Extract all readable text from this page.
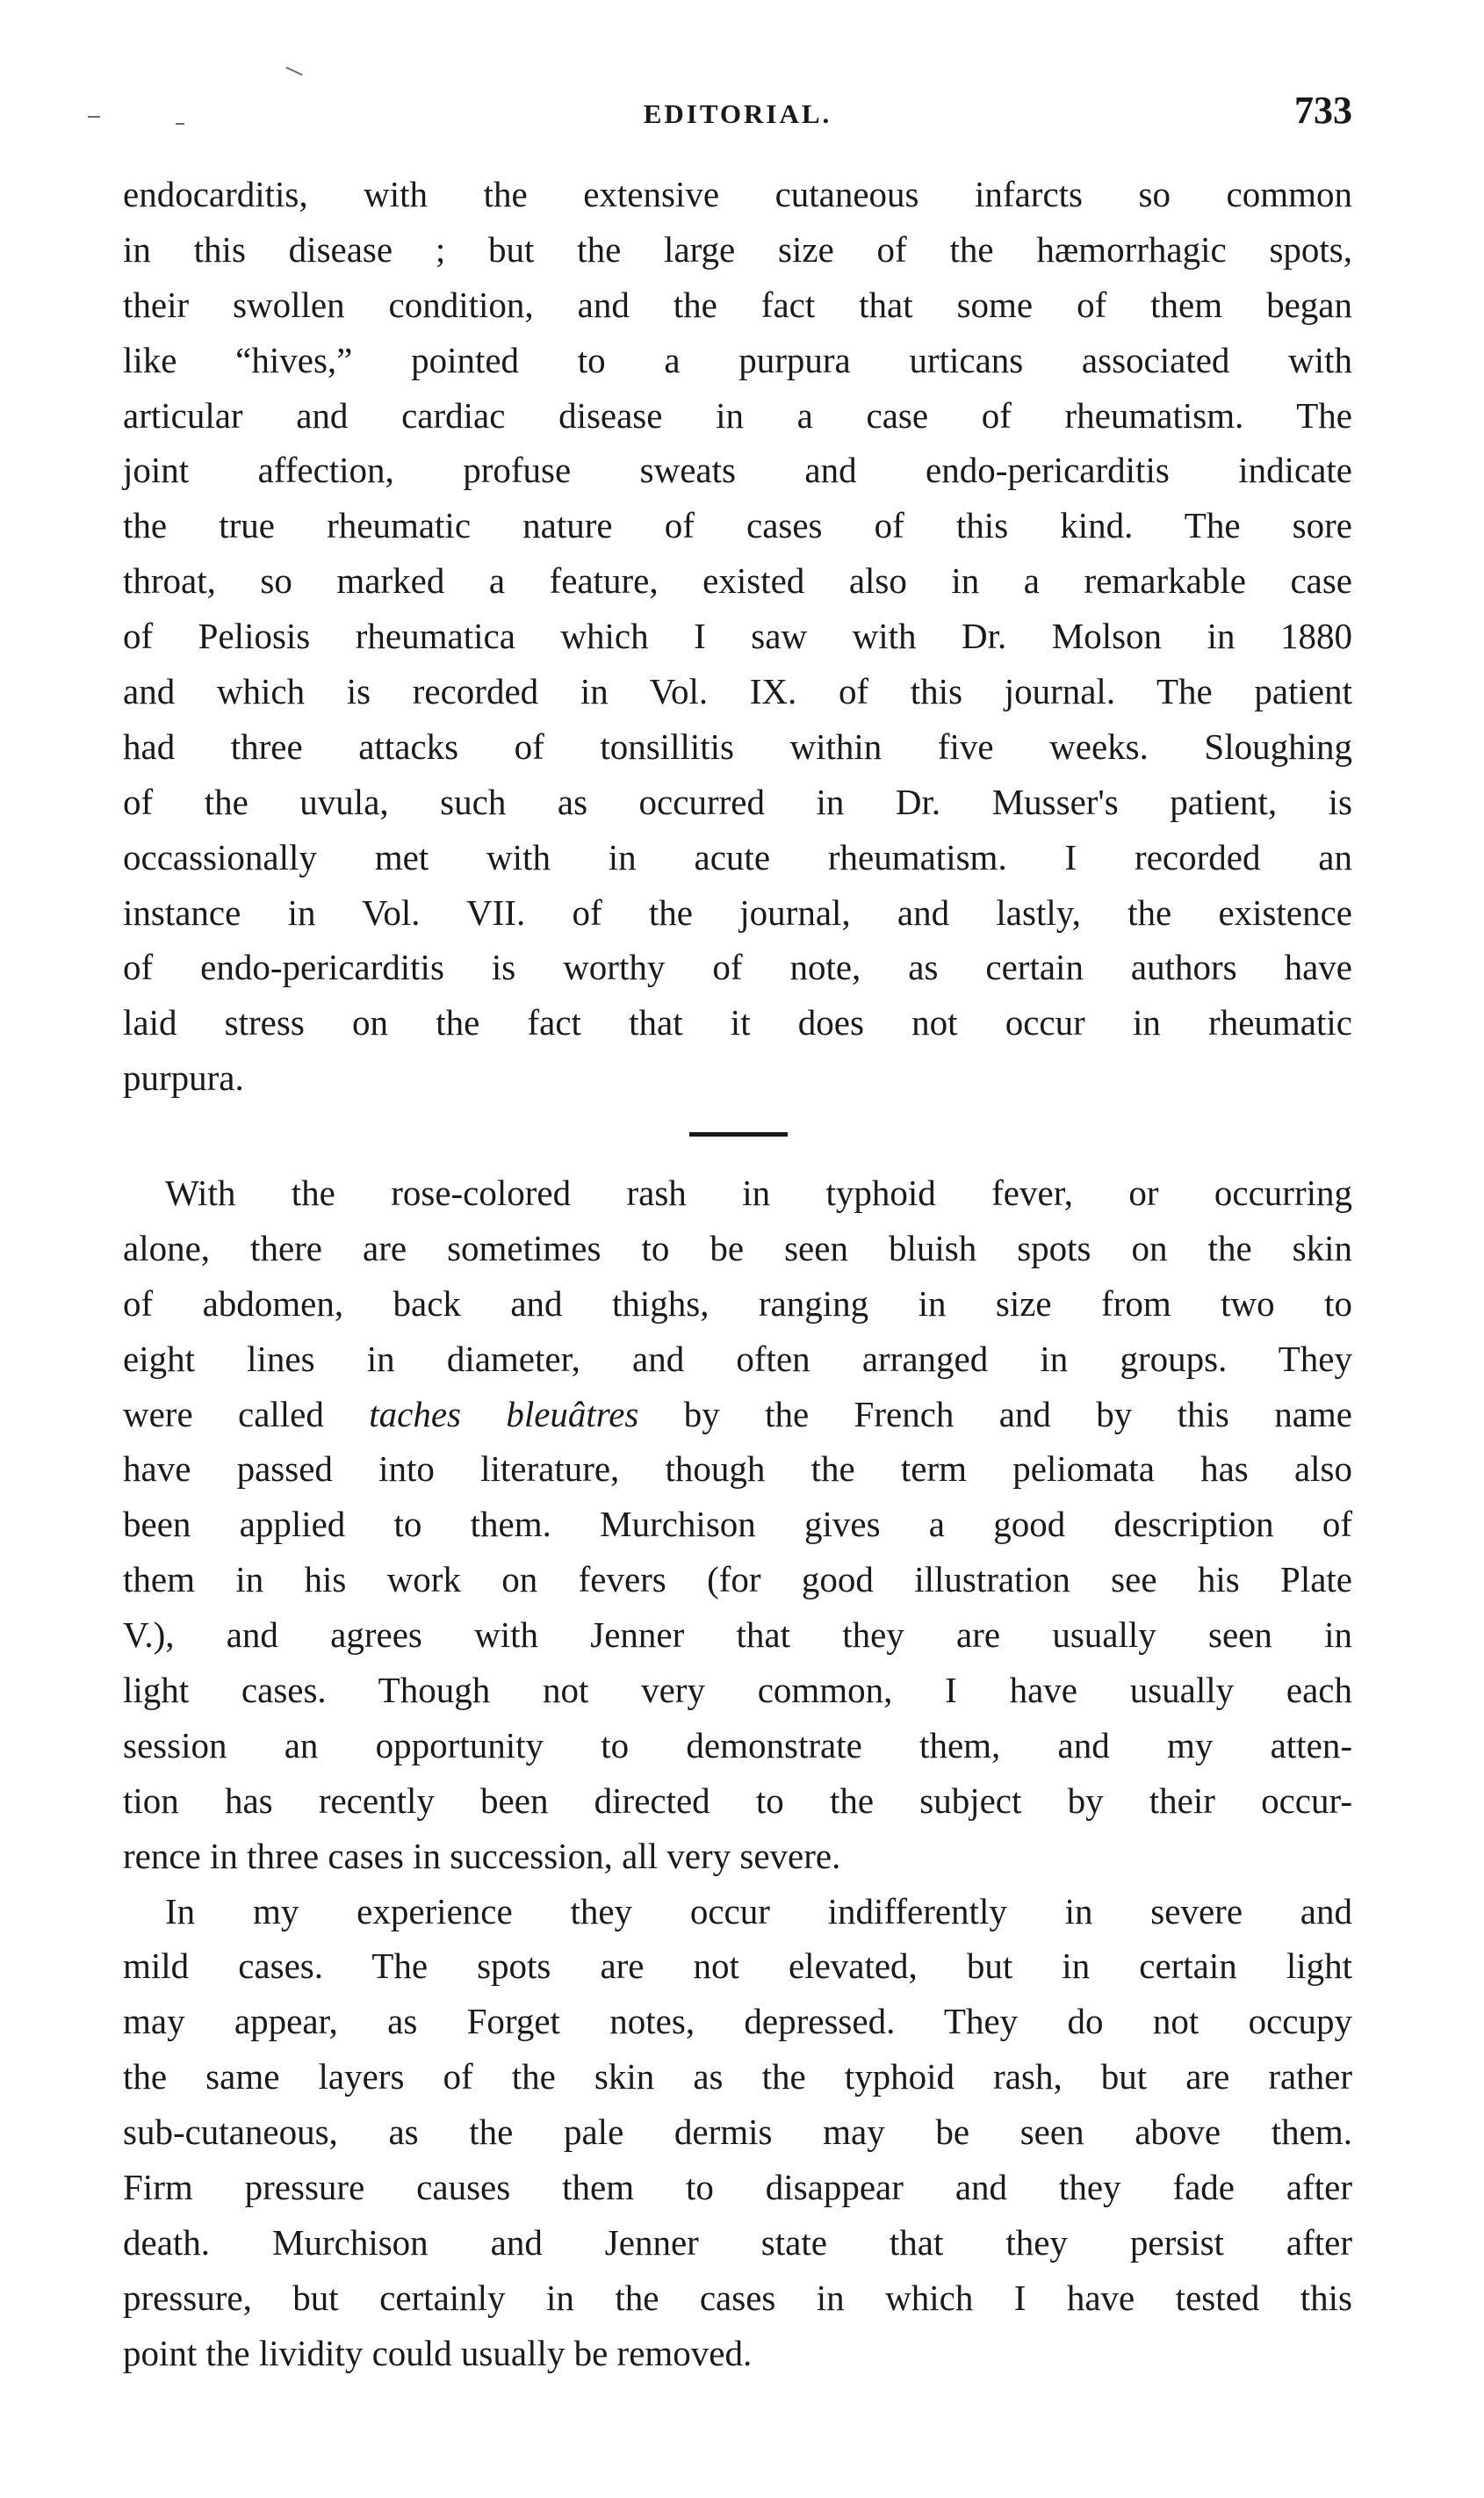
EDITORIAL.	733
endocarditis, with the extensive cutaneous infarcts so common
in this disease ; but the large size of the hæmorrhagic spots,
their swollen condition, and the fact that some of them began
like “hives,” pointed to a purpura urticans associated with
articular and cardiac disease in a case of rheumatism. The
joint affection, profuse sweats and endo-pericarditis indicate
the true rheumatic nature of cases of this kind. The sore
throat, so marked a feature, existed also in a remarkable case
of Peliosis rheumatica which I saw with Dr. Molson in 1880
and which is recorded in Vol. IX. of this journal. The patient
had three attacks of tonsillitis within five weeks. Sloughing
of the uvula, such as occurred in Dr. Musser's patient, is
occassionally met with in acute rheumatism. I recorded an
instance in Vol. VII. of the journal, and lastly, the existence
of endo-pericarditis is worthy of note, as certain authors have
laid stress on the fact that it does not occur in rheumatic
purpura.
With the rose-colored rash in typhoid fever, or occurring
alone, there are sometimes to be seen bluish spots on the skin
of abdomen, back and thighs, ranging in size from two to
eight lines in diameter, and often arranged in groups. They
were called taches bleuâtres by the French and by this name
have passed into literature, though the term peliomata has also
been applied to them. Murchison gives a good description of
them in his work on fevers (for good illustration see his Plate
V.), and agrees with Jenner that they are usually seen in
light cases. Though not very common, I have usually each
session an opportunity to demonstrate them, and my atten-
tion has recently been directed to the subject by their occur-
rence in three cases in succession, all very severe.
In my experience they occur indifferently in severe and
mild cases. The spots are not elevated, but in certain light
may appear, as Forget notes, depressed. They do not occupy
the same layers of the skin as the typhoid rash, but are rather
sub-cutaneous, as the pale dermis may be seen above them.
Firm pressure causes them to disappear and they fade after
death. Murchison and Jenner state that they persist after
pressure, but certainly in the cases in which I have tested this
point the lividity could usually be removed.
